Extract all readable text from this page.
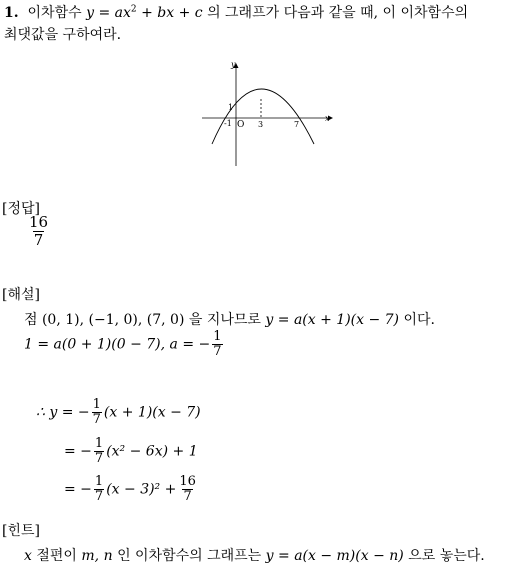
1. 이차함수 $y = ax^2$ + bx + c 의 그래프가 다음과 같을 때, 이 이차함수의
최댓값을 구하여라.
y
x
1
-1 O 3	7
[정답]
$\frac{16}{7}$
[해설]
점 (0, 1), (−1, 0), (7, 0) 을 지나므로 y = a(x + 1)(x − 7) 이다.
1 = a(0 + 1)(0 − 7), a = − $\frac{1}{7}$
∴ y = − $\frac{1}{7} (x + 1)(x - 7)$
= − $\frac{1}{7} (x^2 - 6x) + 1$
= − $\frac{1}{7} (x - 3)^2 + \frac{16}{7}$
[힌트]
x 절편이 m, n 인 이차함수의 그래프는 y = a(x − m)(x − n) 으로 놓는다.
